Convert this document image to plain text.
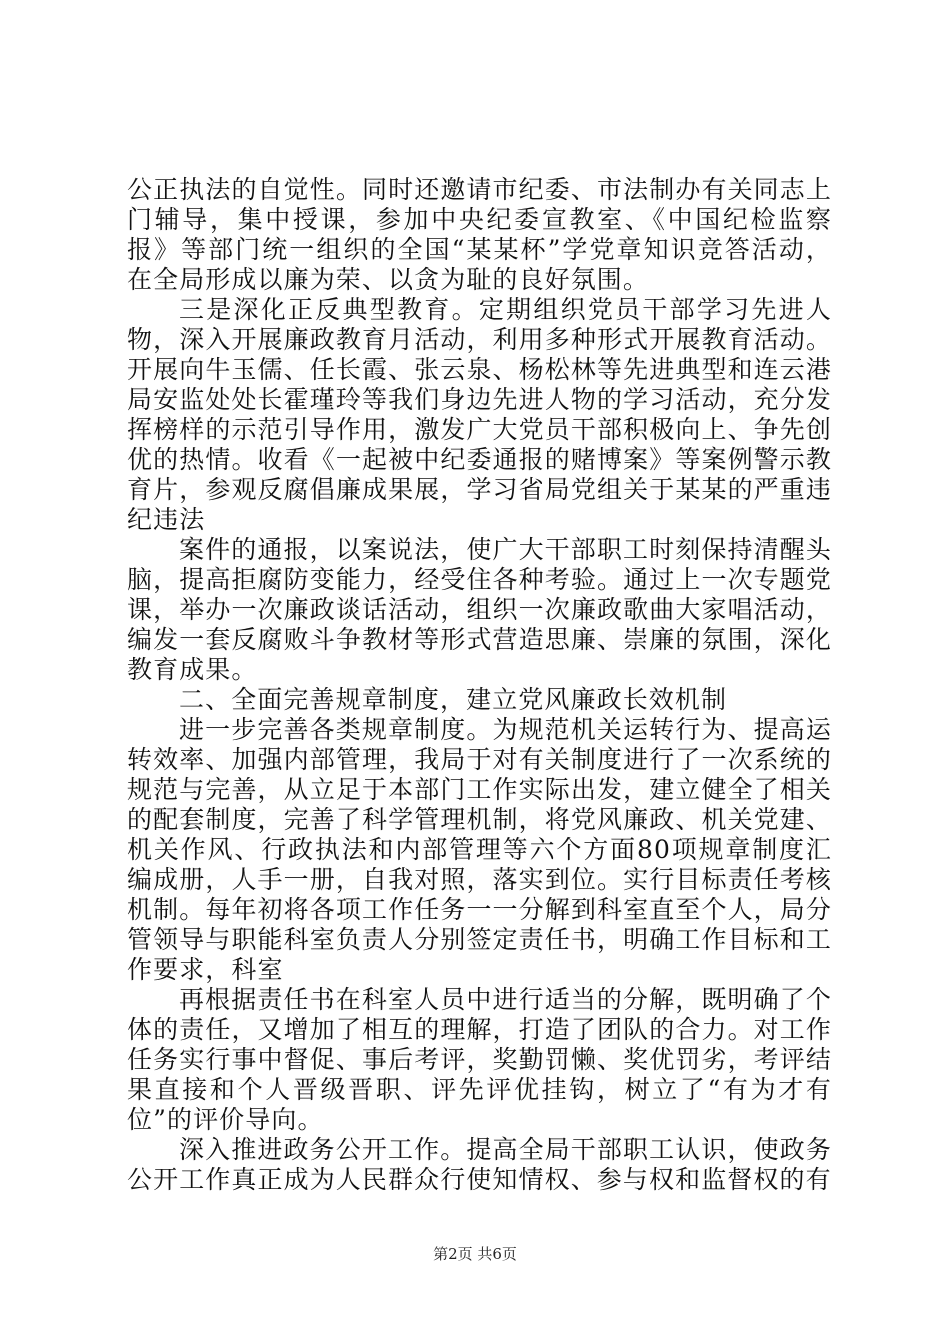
公正执法的自觉性。同时还邀请市纪委、市法制办有关同志上门辅导，集中授课，参加中央纪委宣教室、《中国纪检监察报》等部门统一组织的全国“某某杯”学党章知识竞答活动，在全局形成以廉为荣、以贪为耻的良好氛围。

三是深化正反典型教育。定期组织党员干部学习先进人物，深入开展廉政教育月活动，利用多种形式开展教育活动。开展向牛玉儒、任长霞、张云泉、杨松林等先进典型和连云港局安监处处长霍瑾玲等我们身边先进人物的学习活动，充分发挥榜样的示范引导作用，激发广大党员干部积极向上、争先创优的热情。收看《一起被中纪委通报的赌博案》等案例警示教育片，参观反腐倡廉成果展，学习省局党组关于某某的严重违纪违法

案件的通报，以案说法，使广大干部职工时刻保持清醒头脑，提高拒腐防变能力，经受住各种考验。通过上一次专题党课，举办一次廉政谈话活动，组织一次廉政歌曲大家唱活动，编发一套反腐败斗争教材等形式营造思廉、崇廉的氛围，深化教育成果。

二、全面完善规章制度，建立党风廉政长效机制

进一步完善各类规章制度。为规范机关运转行为、提高运转效率、加强内部管理，我局于对有关制度进行了一次系统的规范与完善，从立足于本部门工作实际出发，建立健全了相关的配套制度，完善了科学管理机制，将党风廉政、机关党建、机关作风、行政执法和内部管理等六个方面80项规章制度汇编成册，人手一册，自我对照，落实到位。实行目标责任考核机制。每年初将各项工作任务一一分解到科室直至个人，局分管领导与职能科室负责人分别签定责任书，明确工作目标和工作要求，科室

再根据责任书在科室人员中进行适当的分解，既明确了个体的责任，又增加了相互的理解，打造了团队的合力。对工作任务实行事中督促、事后考评，奖勤罚懒、奖优罚劣，考评结果直接和个人晋级晋职、评先评优挂钩，树立了“有为才有位”的评价导向。

深入推进政务公开工作。提高全局干部职工认识，使政务公开工作真正成为人民群众行使知情权、参与权和监督权的有

第2页 共6页
